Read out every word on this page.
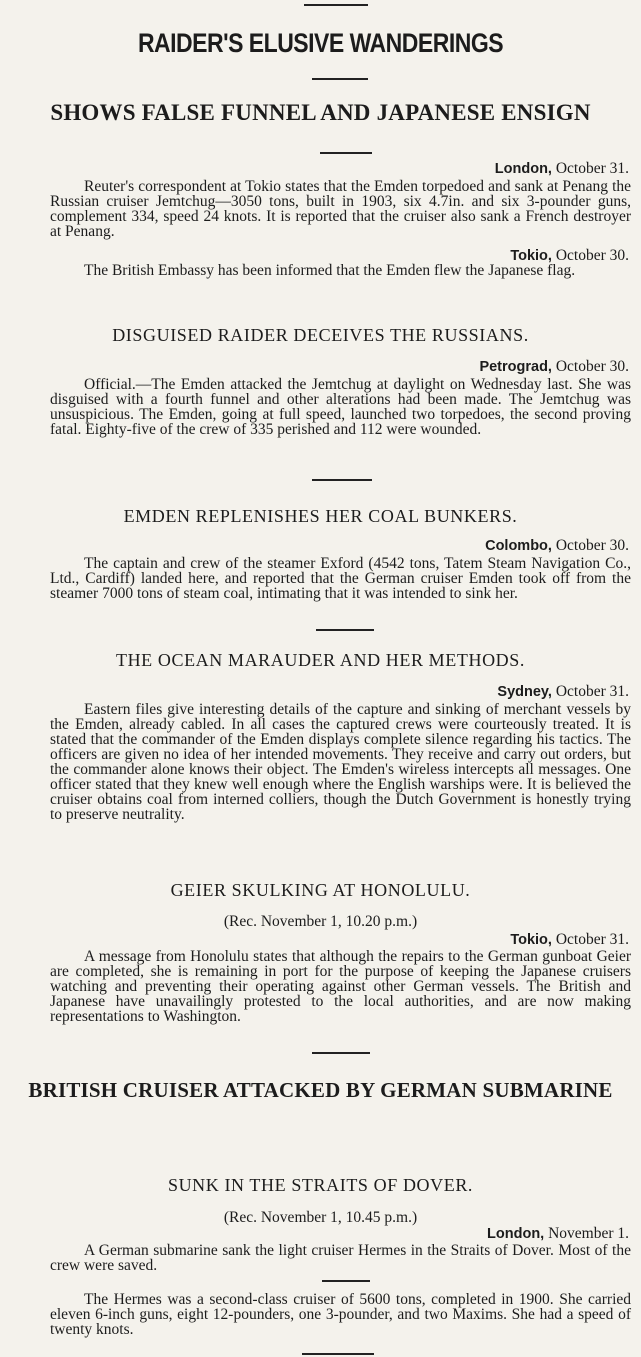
RAIDER'S ELUSIVE WANDERINGS
SHOWS FALSE FUNNEL AND JAPANESE ENSIGN
London, October 31.
Reuter's correspondent at Tokio states that the Emden torpedoed and sank at Penang the Russian cruiser Jemtchug—3050 tons, built in 1903, six 4.7in. and six 3-pounder guns, complement 334, speed 24 knots. It is reported that the cruiser also sank a French destroyer at Penang.
Tokio, October 30.
The British Embassy has been informed that the Emden flew the Japanese flag.
DISGUISED RAIDER DECEIVES THE RUSSIANS.
Petrograd, October 30.
Official.—The Emden attacked the Jemtchug at daylight on Wednesday last. She was disguised with a fourth funnel and other alterations had been made. The Jemtchug was unsuspicious. The Emden, going at full speed, launched two torpedoes, the second proving fatal. Eighty-five of the crew of 335 perished and 112 were wounded.
EMDEN REPLENISHES HER COAL BUNKERS.
Colombo, October 30.
The captain and crew of the steamer Exford (4542 tons, Tatem Steam Navigation Co., Ltd., Cardiff) landed here, and reported that the German cruiser Emden took off from the steamer 7000 tons of steam coal, intimating that it was intended to sink her.
THE OCEAN MARAUDER AND HER METHODS.
Sydney, October 31.
Eastern files give interesting details of the capture and sinking of merchant vessels by the Emden, already cabled. In all cases the captured crews were courteously treated. It is stated that the commander of the Emden displays complete silence regarding his tactics. The officers are given no idea of her intended movements. They receive and carry out orders, but the commander alone knows their object. The Emden's wireless intercepts all messages. One officer stated that they knew well enough where the English warships were. It is believed the cruiser obtains coal from interned colliers, though the Dutch Government is honestly trying to preserve neutrality.
GEIER SKULKING AT HONOLULU.
(Rec. November 1, 10.20 p.m.)
Tokio, October 31.
A message from Honolulu states that although the repairs to the German gunboat Geier are completed, she is remaining in port for the purpose of keeping the Japanese cruisers watching and preventing their operating against other German vessels. The British and Japanese have unavailingly protested to the local authorities, and are now making representations to Washington.
BRITISH CRUISER ATTACKED BY GERMAN SUBMARINE
SUNK IN THE STRAITS OF DOVER.
(Rec. November 1, 10.45 p.m.)
London, November 1.
A German submarine sank the light cruiser Hermes in the Straits of Dover. Most of the crew were saved.
The Hermes was a second-class cruiser of 5600 tons, completed in 1900. She carried eleven 6-inch guns, eight 12-pounders, one 3-pounder, and two Maxims. She had a speed of twenty knots.
